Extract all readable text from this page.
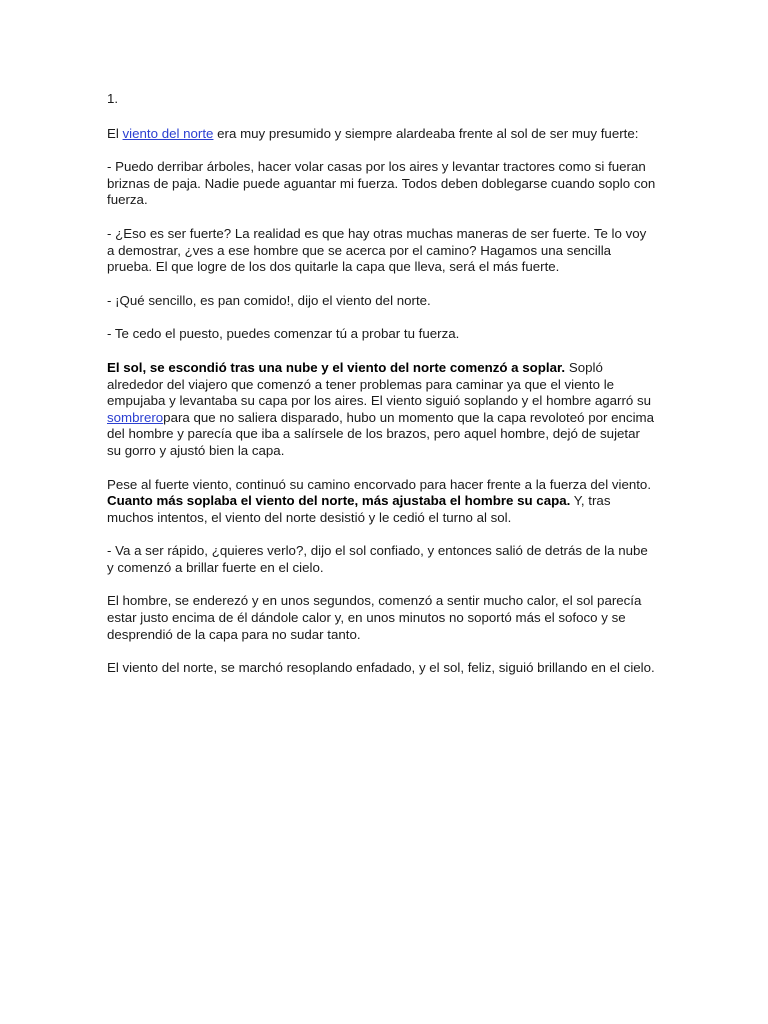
1.

El viento del norte era muy presumido y siempre alardeaba frente al sol de ser muy fuerte:

- Puedo derribar árboles, hacer volar casas por los aires y levantar tractores como si fueran briznas de paja. Nadie puede aguantar mi fuerza. Todos deben doblegarse cuando soplo con fuerza.

- ¿Eso es ser fuerte? La realidad es que hay otras muchas maneras de ser fuerte. Te lo voy a demostrar, ¿ves a ese hombre que se acerca por el camino? Hagamos una sencilla prueba. El que logre de los dos quitarle la capa que lleva, será el más fuerte.

- ¡Qué sencillo, es pan comido!, dijo el viento del norte.

- Te cedo el puesto, puedes comenzar tú a probar tu fuerza.

El sol, se escondió tras una nube y el viento del norte comenzó a soplar. Sopló alrededor del viajero que comenzó a tener problemas para caminar ya que el viento le empujaba y levantaba su capa por los aires. El viento siguió soplando y el hombre agarró su sombreropara que no saliera disparado, hubo un momento que la capa revoloteó por encima del hombre y parecía que iba a salírsele de los brazos, pero aquel hombre, dejó de sujetar su gorro y ajustó bien la capa.

Pese al fuerte viento, continuó su camino encorvado para hacer frente a la fuerza del viento. Cuanto más soplaba el viento del norte, más ajustaba el hombre su capa. Y, tras muchos intentos, el viento del norte desistió y le cedió el turno al sol.

- Va a ser rápido, ¿quieres verlo?, dijo el sol confiado, y entonces salió de detrás de la nube y comenzó a brillar fuerte en el cielo.

El hombre, se enderezó y en unos segundos, comenzó a sentir mucho calor, el sol parecía estar justo encima de él dándole calor y, en unos minutos no soportó más el sofoco y se desprendió de la capa para no sudar tanto.

El viento del norte, se marchó resoplando enfadado, y el sol, feliz, siguió brillando en el cielo.
